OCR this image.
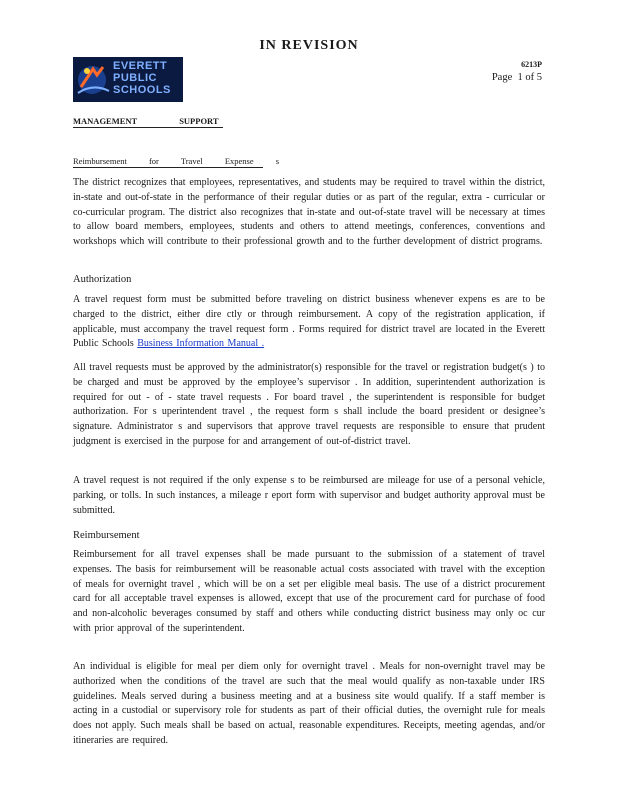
IN REVISION
EVERETT PUBLIC SCHOOLS
6213P
Page 1 of 5
MANAGEMENT SUPPORT
Reimbursement for Travel Expense s
The district recognizes that employees, representatives, and students may be required to travel within the district, in-state and out-of-state in the performance of their regular duties or as part of the regular, extra - curricular or co-curricular program. The district also recognizes that in-state and out-of-state travel will be necessary at times to allow board members, employees, students and others to attend meetings, conferences, conventions and workshops which will contribute to their professional growth and to the further development of district programs.
Authorization
A travel request form must be submitted before traveling on district business whenever expens es are to be charged to the district, either dire ctly or through reimbursement. A copy of the registration application, if applicable, must accompany the travel request form . Forms required for district travel are located in the Everett Public Schools Business Information Manual .
All travel requests must be approved by the administrator(s) responsible for the travel or registration budget(s ) to be charged and must be approved by the employee’s supervisor . In addition, superintendent authorization is required for out - of - state travel requests . For board travel , the superintendent is responsible for budget authorization. For s uperintendent travel , the request form s shall include the board president or designee’s signature. Administrator s and supervisors that approve travel requests are responsible to ensure that prudent judgment is exercised in the purpose for and arrangement of out-of-district travel.
A travel request is not required if the only expense s to be reimbursed are mileage for use of a personal vehicle, parking, or tolls. In such instances, a mileage r eport form with supervisor and budget authority approval must be submitted.
Reimbursement
Reimbursement for all travel expenses shall be made pursuant to the submission of a statement of travel expenses. The basis for reimbursement will be reasonable actual costs associated with travel with the exception of meals for overnight travel , which will be on a set per eligible meal basis. The use of a district procurement card for all acceptable travel expenses is allowed, except that use of the procurement card for purchase of food and non-alcoholic beverages consumed by staff and others while conducting district business may only oc cur with prior approval of the superintendent.
An individual is eligible for meal per diem only for overnight travel . Meals for non-overnight travel may be authorized when the conditions of the travel are such that the meal would qualify as non-taxable under IRS guidelines. Meals served during a business meeting and at a business site would qualify. If a staff member is acting in a custodial or supervisory role for students as part of their official duties, the overnight rule for meals does not apply. Such meals shall be based on actual, reasonable expenditures. Receipts, meeting agendas, and/or itineraries are required.
